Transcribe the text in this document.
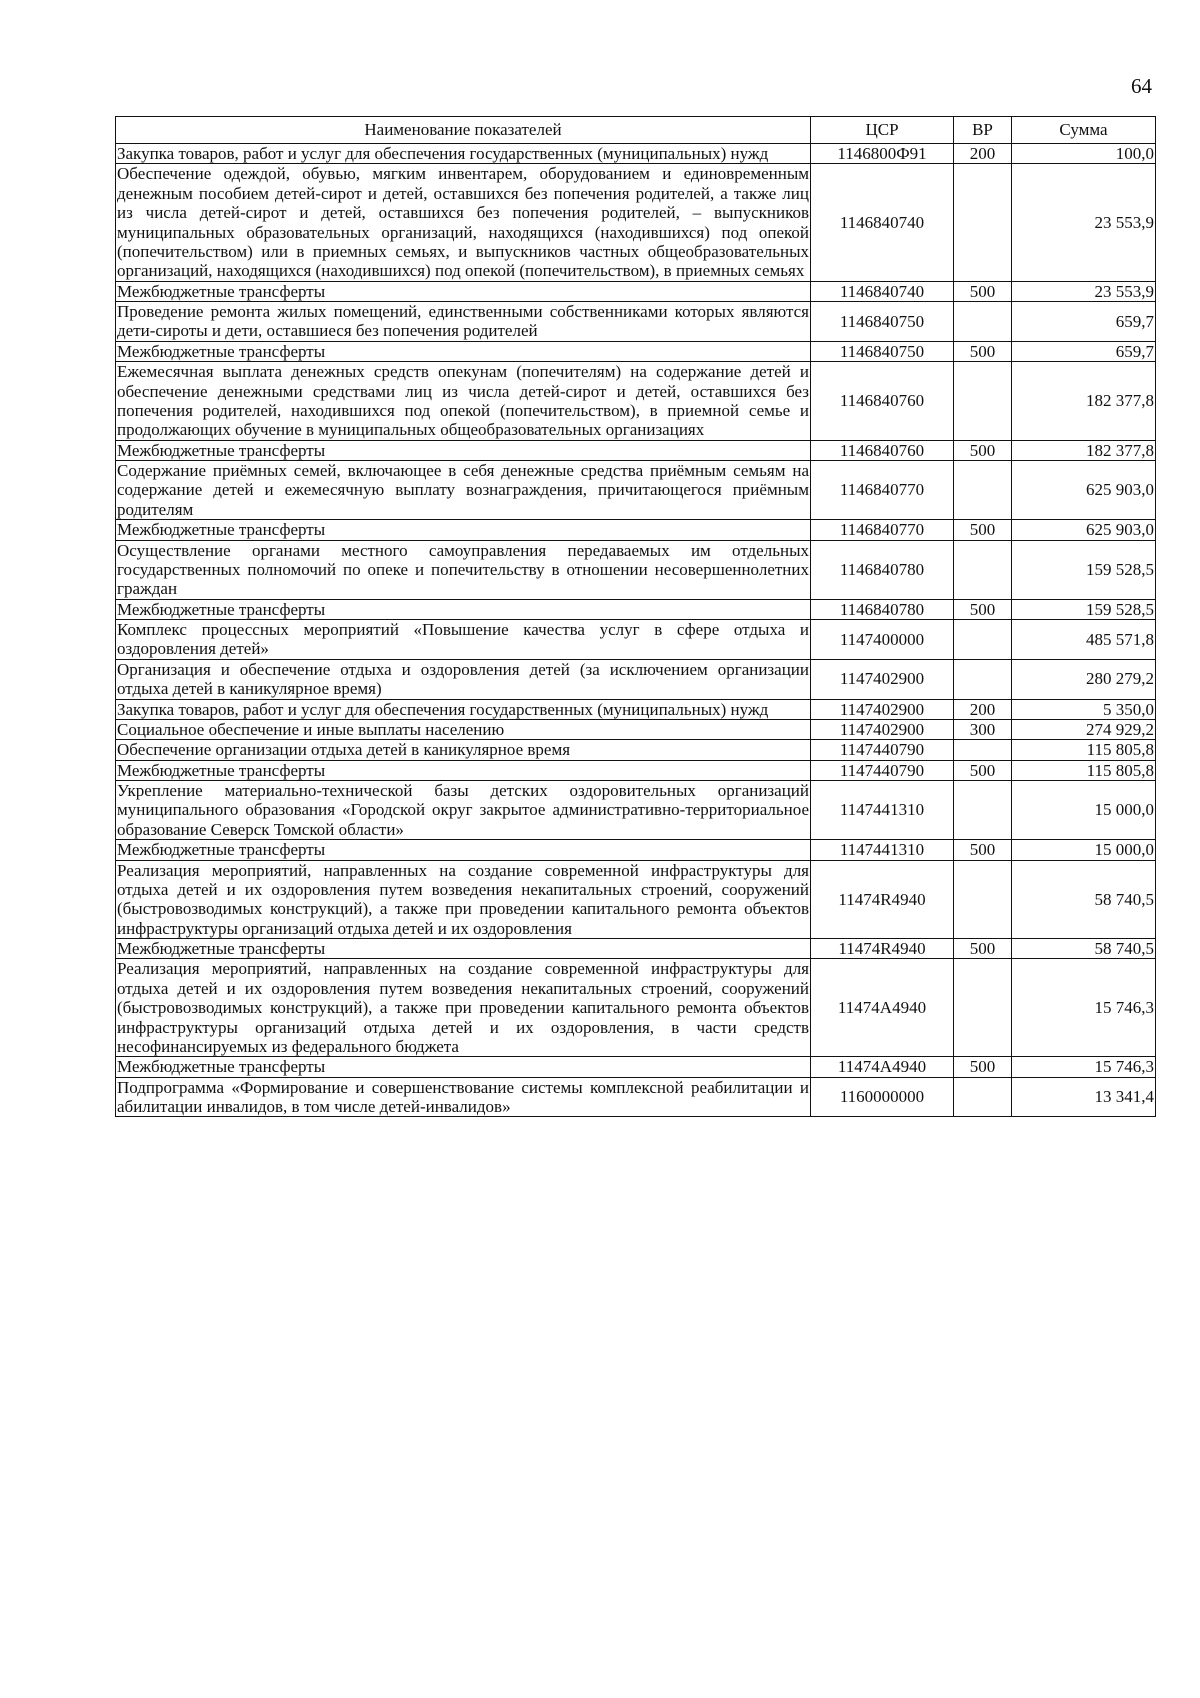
64
Наименование показателей	ЦСР	ВР	Сумма
Закупка товаров, работ и услуг для обеспечения государственных (муниципальных) нужд	1146800Ф91	200	100,0
Обеспечение одеждой, обувью, мягким инвентарем, оборудованием и единовременным денежным пособием детей-сирот и детей, оставшихся без попечения родителей, а также лиц из числа детей-сирот и детей, оставшихся без попечения родителей, – выпускников муниципальных образовательных организаций, находящихся (находившихся) под опекой (попечительством) или в приемных семьях, и выпускников частных общеобразовательных организаций, находящихся (находившихся) под опекой (попечительством), в приемных семьях	1146840740		23 553,9
Межбюджетные трансферты	1146840740	500	23 553,9
Проведение ремонта жилых помещений, единственными собственниками которых являются дети-сироты и дети, оставшиеся без попечения родителей	1146840750		659,7
Межбюджетные трансферты	1146840750	500	659,7
Ежемесячная выплата денежных средств опекунам (попечителям) на содержание детей и обеспечение денежными средствами лиц из числа детей-сирот и детей, оставшихся без попечения родителей, находившихся под опекой (попечительством), в приемной семье и продолжающих обучение в муниципальных общеобразовательных организациях	1146840760		182 377,8
Межбюджетные трансферты	1146840760	500	182 377,8
Содержание приёмных семей, включающее в себя денежные средства приёмным семьям на содержание детей и ежемесячную выплату вознаграждения, причитающегося приёмным родителям	1146840770		625 903,0
Межбюджетные трансферты	1146840770	500	625 903,0
Осуществление органами местного самоуправления передаваемых им отдельных государственных полномочий по опеке и попечительству в отношении несовершеннолетних граждан	1146840780		159 528,5
Межбюджетные трансферты	1146840780	500	159 528,5
Комплекс процессных мероприятий «Повышение качества услуг в сфере отдыха и оздоровления детей»	1147400000		485 571,8
Организация и обеспечение отдыха и оздоровления детей (за исключением организации отдыха детей в каникулярное время)	1147402900		280 279,2
Закупка товаров, работ и услуг для обеспечения государственных (муниципальных) нужд	1147402900	200	5 350,0
Социальное обеспечение и иные выплаты населению	1147402900	300	274 929,2
Обеспечение организации отдыха детей в каникулярное время	1147440790		115 805,8
Межбюджетные трансферты	1147440790	500	115 805,8
Укрепление материально-технической базы детских оздоровительных организаций муниципального образования «Городской округ закрытое административно-территориальное образование Северск Томской области»	1147441310		15 000,0
Межбюджетные трансферты	1147441310	500	15 000,0
Реализация мероприятий, направленных на создание современной инфраструктуры для отдыха детей и их оздоровления путем возведения некапитальных строений, сооружений (быстровозводимых конструкций), а также при проведении капитального ремонта объектов инфраструктуры организаций отдыха детей и их оздоровления	11474R4940		58 740,5
Межбюджетные трансферты	11474R4940	500	58 740,5
Реализация мероприятий, направленных на создание современной инфраструктуры для отдыха детей и их оздоровления путем возведения некапитальных строений, сооружений (быстровозводимых конструкций), а также при проведении капитального ремонта объектов инфраструктуры организаций отдыха детей и их оздоровления, в части средств несофинансируемых из федерального бюджета	11474A4940		15 746,3
Межбюджетные трансферты	11474A4940	500	15 746,3
Подпрограмма «Формирование и совершенствование системы комплексной реабилитации и абилитации инвалидов, в том числе детей-инвалидов»	1160000000		13 341,4
